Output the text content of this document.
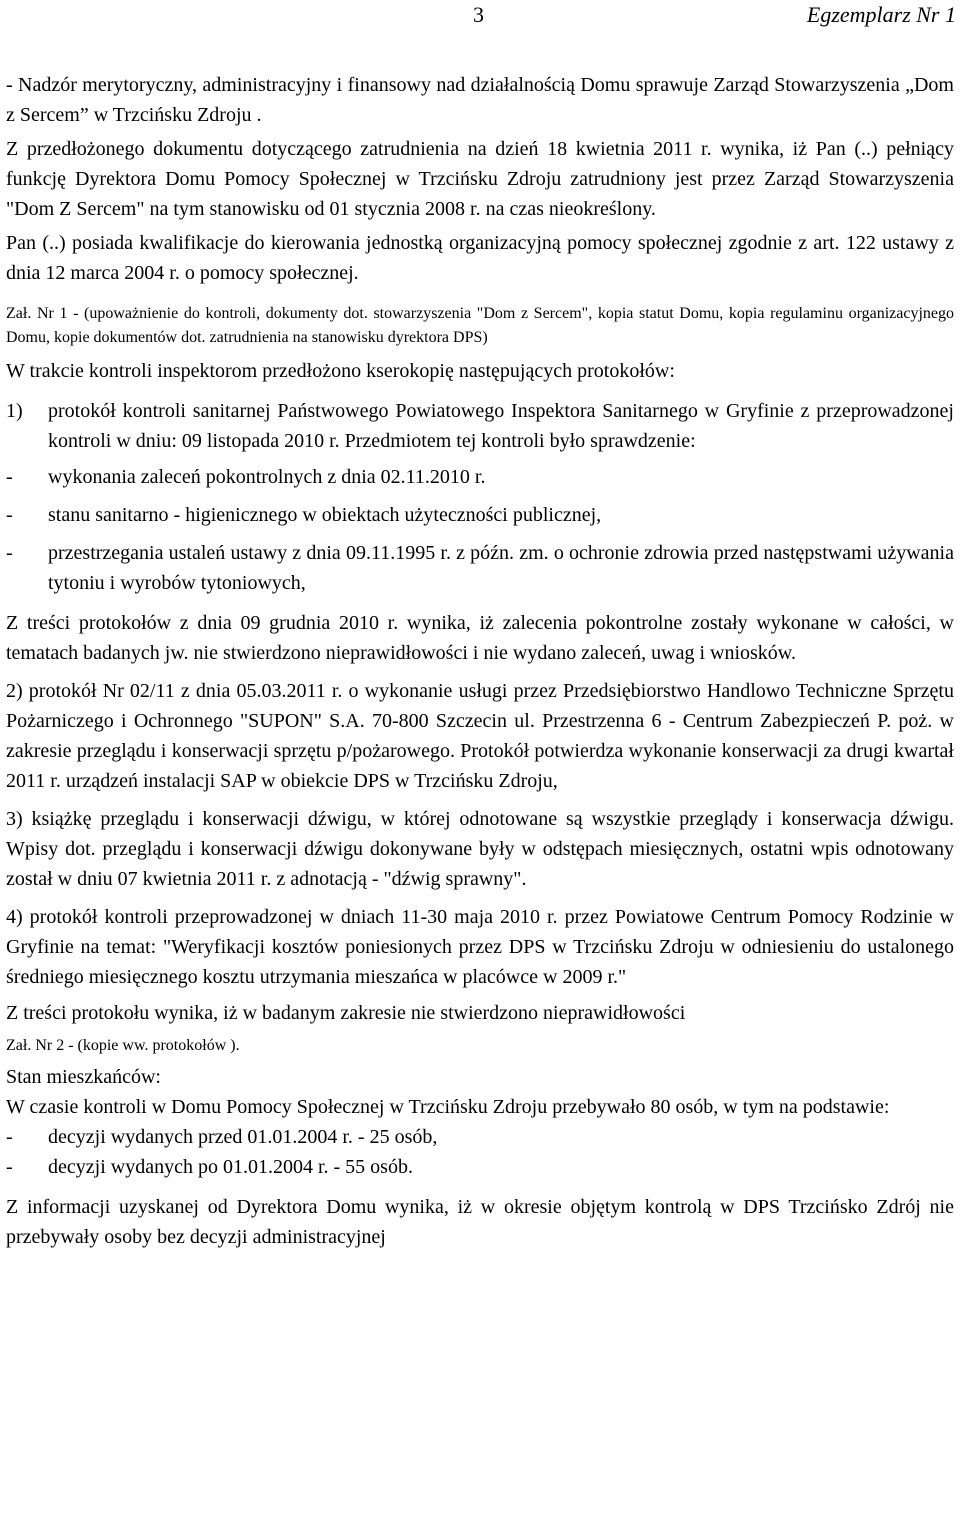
3	Egzemplarz Nr 1

- Nadzór merytoryczny, administracyjny i finansowy nad działalnością Domu sprawuje Zarząd Stowarzyszenia „Dom z Sercem” w Trzcińsku Zdroju .

Z przedłożonego dokumentu dotyczącego zatrudnienia na dzień 18 kwietnia 2011 r. wynika, iż Pan (..) pełniący funkcję Dyrektora Domu Pomocy Społecznej w Trzcińsku Zdroju zatrudniony jest przez Zarząd Stowarzyszenia "Dom Z Sercem" na tym stanowisku od 01 stycznia 2008 r. na czas nieokreślony.

Pan (..) posiada kwalifikacje do kierowania jednostką organizacyjną pomocy społecznej zgodnie z art. 122 ustawy z dnia 12 marca 2004 r. o pomocy społecznej.

Zał. Nr 1 - (upoważnienie do kontroli, dokumenty dot. stowarzyszenia "Dom z Sercem", kopia statut Domu, kopia regulaminu organizacyjnego Domu, kopie dokumentów dot. zatrudnienia na stanowisku dyrektora DPS)

W trakcie kontroli inspektorom przedłożono kserokopię następujących protokołów:

1)	protokół kontroli sanitarnej Państwowego Powiatowego Inspektora Sanitarnego w Gryfinie z przeprowadzonej kontroli w dniu: 09 listopada 2010 r. Przedmiotem tej kontroli było sprawdzenie:
-	wykonania zaleceń pokontrolnych z dnia 02.11.2010 r.
-	stanu sanitarno - higienicznego w obiektach użyteczności publicznej,
-	przestrzegania ustaleń ustawy z dnia 09.11.1995 r. z późn. zm. o ochronie zdrowia przed następstwami używania tytoniu i wyrobów tytoniowych,

Z treści protokołów z dnia 09 grudnia 2010 r. wynika, iż zalecenia pokontrolne zostały wykonane w całości, w tematach badanych jw. nie stwierdzono nieprawidłowości i nie wydano zaleceń, uwag i wniosków.

2) protokół Nr 02/11 z dnia 05.03.2011 r. o wykonanie usługi przez Przedsiębiorstwo Handlowo Techniczne Sprzętu Pożarniczego i Ochronnego "SUPON" S.A. 70-800 Szczecin ul. Przestrzenna 6 - Centrum Zabezpieczeń P. poż. w zakresie przeglądu i konserwacji sprzętu p/pożarowego. Protokół potwierdza wykonanie konserwacji za drugi kwartał 2011 r. urządzeń instalacji SAP w obiekcie DPS w Trzcińsku Zdroju,

3) książkę przeglądu i konserwacji dźwigu, w której odnotowane są wszystkie przeglądy i konserwacja dźwigu. Wpisy dot. przeglądu i konserwacji dźwigu dokonywane były w odstępach miesięcznych, ostatni wpis odnotowany został w dniu 07 kwietnia 2011 r. z adnotacją - "dźwig sprawny".

4) protokół kontroli przeprowadzonej w dniach 11-30 maja 2010 r. przez Powiatowe Centrum Pomocy Rodzinie w Gryfinie na temat: "Weryfikacji kosztów poniesionych przez DPS w Trzcińsku Zdroju w odniesieniu do ustalonego średniego miesięcznego kosztu utrzymania mieszańca w placówce w 2009 r."

Z treści protokołu wynika, iż w badanym zakresie nie stwierdzono nieprawidłowości

Zał. Nr 2 - (kopie ww. protokołów ).

Stan mieszkańców:

W czasie kontroli w Domu Pomocy Społecznej w Trzcińsku Zdroju przebywało 80 osób, w tym na podstawie:

-	decyzji wydanych przed 01.01.2004 r. - 25 osób,
-	decyzji wydanych po 01.01.2004 r. - 55 osób.

Z informacji uzyskanej od Dyrektora Domu wynika, iż w okresie objętym kontrolą w DPS Trzcińsko Zdrój nie przebywały osoby bez decyzji administracyjnej
